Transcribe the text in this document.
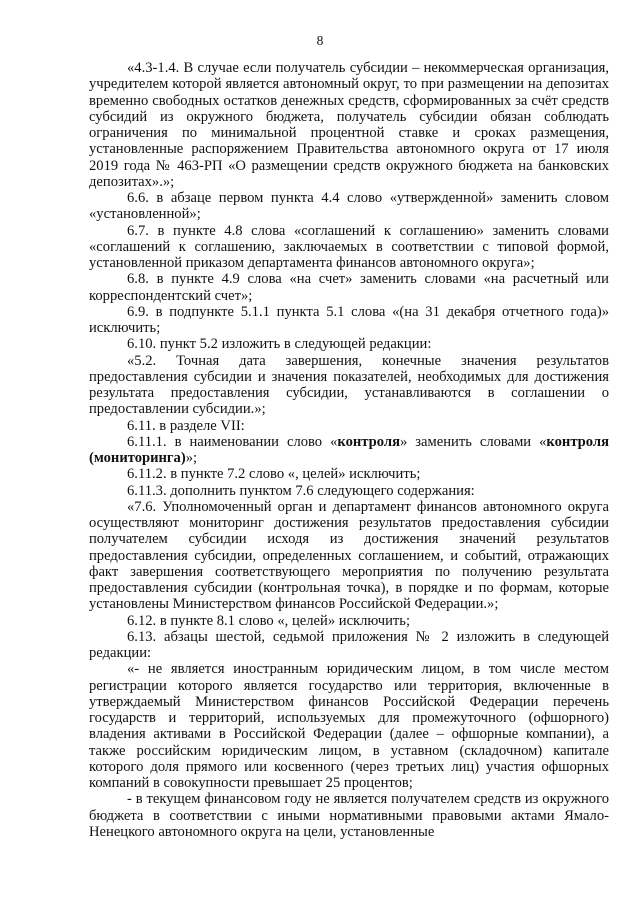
8

«4.3-1.4. В случае если получатель субсидии – некоммерческая организация, учредителем которой является автономный округ, то при размещении на депозитах временно свободных остатков денежных средств, сформированных за счёт средств субсидий из окружного бюджета, получатель субсидии обязан соблюдать ограничения по минимальной процентной ставке и сроках размещения, установленные распоряжением Правительства автономного округа от 17 июля 2019 года № 463-РП «О размещении средств окружного бюджета на банковских депозитах».»;

6.6. в абзаце первом пункта 4.4 слово «утвержденной» заменить словом «установленной»;

6.7. в пункте 4.8 слова «соглашений к соглашению» заменить словами «соглашений к соглашению, заключаемых в соответствии с типовой формой, установленной приказом департамента финансов автономного округа»;

6.8. в пункте 4.9 слова «на счет» заменить словами «на расчетный или корреспондентский счет»;

6.9. в подпункте 5.1.1 пункта 5.1 слова «(на 31 декабря отчетного года)» исключить;

6.10. пункт 5.2 изложить в следующей редакции:

«5.2. Точная дата завершения, конечные значения результатов предоставления субсидии и значения показателей, необходимых для достижения результата предоставления субсидии, устанавливаются в соглашении о предоставлении субсидии.»;

6.11. в разделе VII:

6.11.1. в наименовании слово «контроля» заменить словами «контроля (мониторинга)»;

6.11.2. в пункте 7.2 слово «, целей» исключить;

6.11.3. дополнить пунктом 7.6 следующего содержания:

«7.6. Уполномоченный орган и департамент финансов автономного округа осуществляют мониторинг достижения результатов предоставления субсидии получателем субсидии исходя из достижения значений результатов предоставления субсидии, определенных соглашением, и событий, отражающих факт завершения соответствующего мероприятия по получению результата предоставления субсидии (контрольная точка), в порядке и по формам, которые установлены Министерством финансов Российской Федерации.»;

6.12. в пункте 8.1 слово «, целей» исключить;

6.13. абзацы шестой, седьмой приложения № 2 изложить в следующей редакции:

«- не является иностранным юридическим лицом, в том числе местом регистрации которого является государство или территория, включенные в утверждаемый Министерством финансов Российской Федерации перечень государств и территорий, используемых для промежуточного (офшорного) владения активами в Российской Федерации (далее – офшорные компании), а также российским юридическим лицом, в уставном (складочном) капитале которого доля прямого или косвенного (через третьих лиц) участия офшорных компаний в совокупности превышает 25 процентов;

- в текущем финансовом году не является получателем средств из окружного бюджета в соответствии с иными нормативными правовыми актами Ямало-Ненецкого автономного округа на цели, установленные
